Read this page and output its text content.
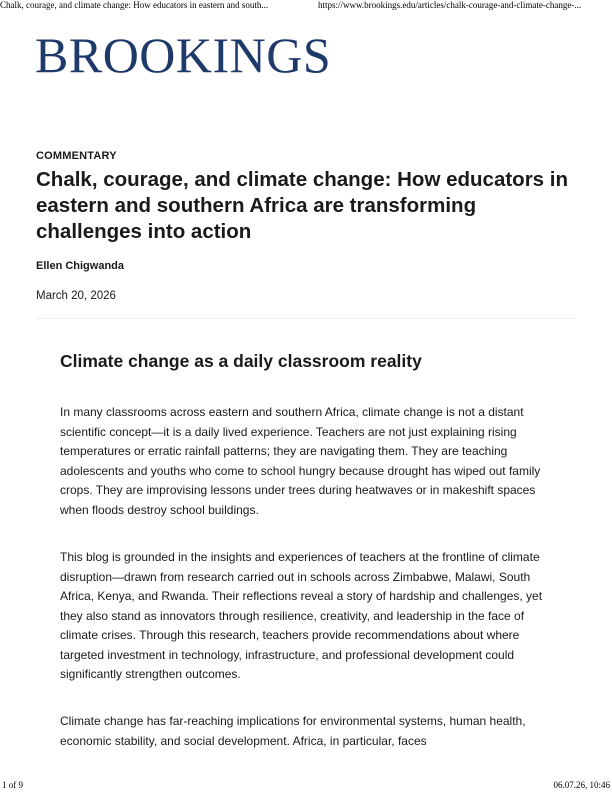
Chalk, courage, and climate change: How educators in eastern and south...	https://www.brookings.edu/articles/chalk-courage-and-climate-change-...
BROOKINGS
COMMENTARY
Chalk, courage, and climate change: How educators in eastern and southern Africa are transforming challenges into action
Ellen Chigwanda
March 20, 2026
Climate change as a daily classroom reality

In many classrooms across eastern and southern Africa, climate change is not a distant scientific concept—it is a daily lived experience. Teachers are not just explaining rising temperatures or erratic rainfall patterns; they are navigating them. They are teaching adolescents and youths who come to school hungry because drought has wiped out family crops. They are improvising lessons under trees during heatwaves or in makeshift spaces when floods destroy school buildings.

This blog is grounded in the insights and experiences of teachers at the frontline of climate disruption—drawn from research carried out in schools across Zimbabwe, Malawi, South Africa, Kenya, and Rwanda. Their reflections reveal a story of hardship and challenges, yet they also stand as innovators through resilience, creativity, and leadership in the face of climate crises. Through this research, teachers provide recommendations about where targeted investment in technology, infrastructure, and professional development could significantly strengthen outcomes.

Climate change has far-reaching implications for environmental systems, human health, economic stability, and social development. Africa, in particular, faces

1 of 9	06.07.26, 10:46
